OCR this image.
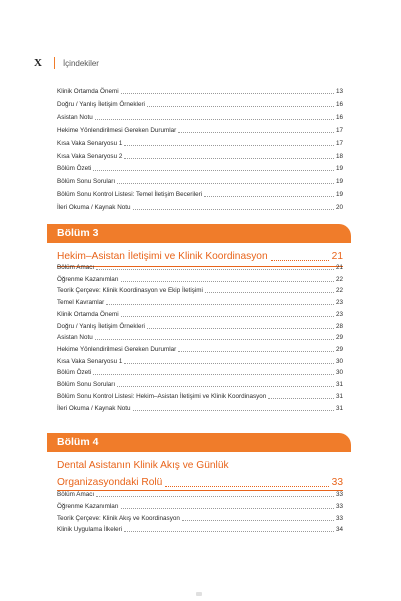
X	İçindekiler
Klinik Ortamda Önemi	13
Doğru / Yanlış İletişim Örnekleri	16
Asistan Notu	16
Hekime Yönlendirilmesi Gereken Durumlar	17
Kısa Vaka Senaryosu 1	17
Kısa Vaka Senaryosu 2	18
Bölüm Özeti	19
Bölüm Sonu Soruları	19
Bölüm Sonu Kontrol Listesi: Temel İletişim Becerileri	19
İleri Okuma / Kaynak Notu	20
Bölüm 3
Hekim–Asistan İletişimi ve Klinik Koordinasyon	21
Bölüm Amacı	21
Öğrenme Kazanımları	22
Teorik Çerçeve: Klinik Koordinasyon ve Ekip İletişimi	22
Temel Kavramlar	23
Klinik Ortamda Önemi	23
Doğru / Yanlış İletişim Örnekleri	28
Asistan Notu	29
Hekime Yönlendirilmesi Gereken Durumlar	29
Kısa Vaka Senaryosu 1	30
Bölüm Özeti	30
Bölüm Sonu Soruları	31
Bölüm Sonu Kontrol Listesi: Hekim–Asistan İletişimi ve Klinik Koordinasyon	31
İleri Okuma / Kaynak Notu	31
Bölüm 4
Dental Asistanın Klinik Akış ve Günlük
Organizasyondaki Rolü	33
Bölüm Amacı	33
Öğrenme Kazanımları	33
Teorik Çerçeve: Klinik Akış ve Koordinasyon	33
Klinik Uygulama İlkeleri	34
